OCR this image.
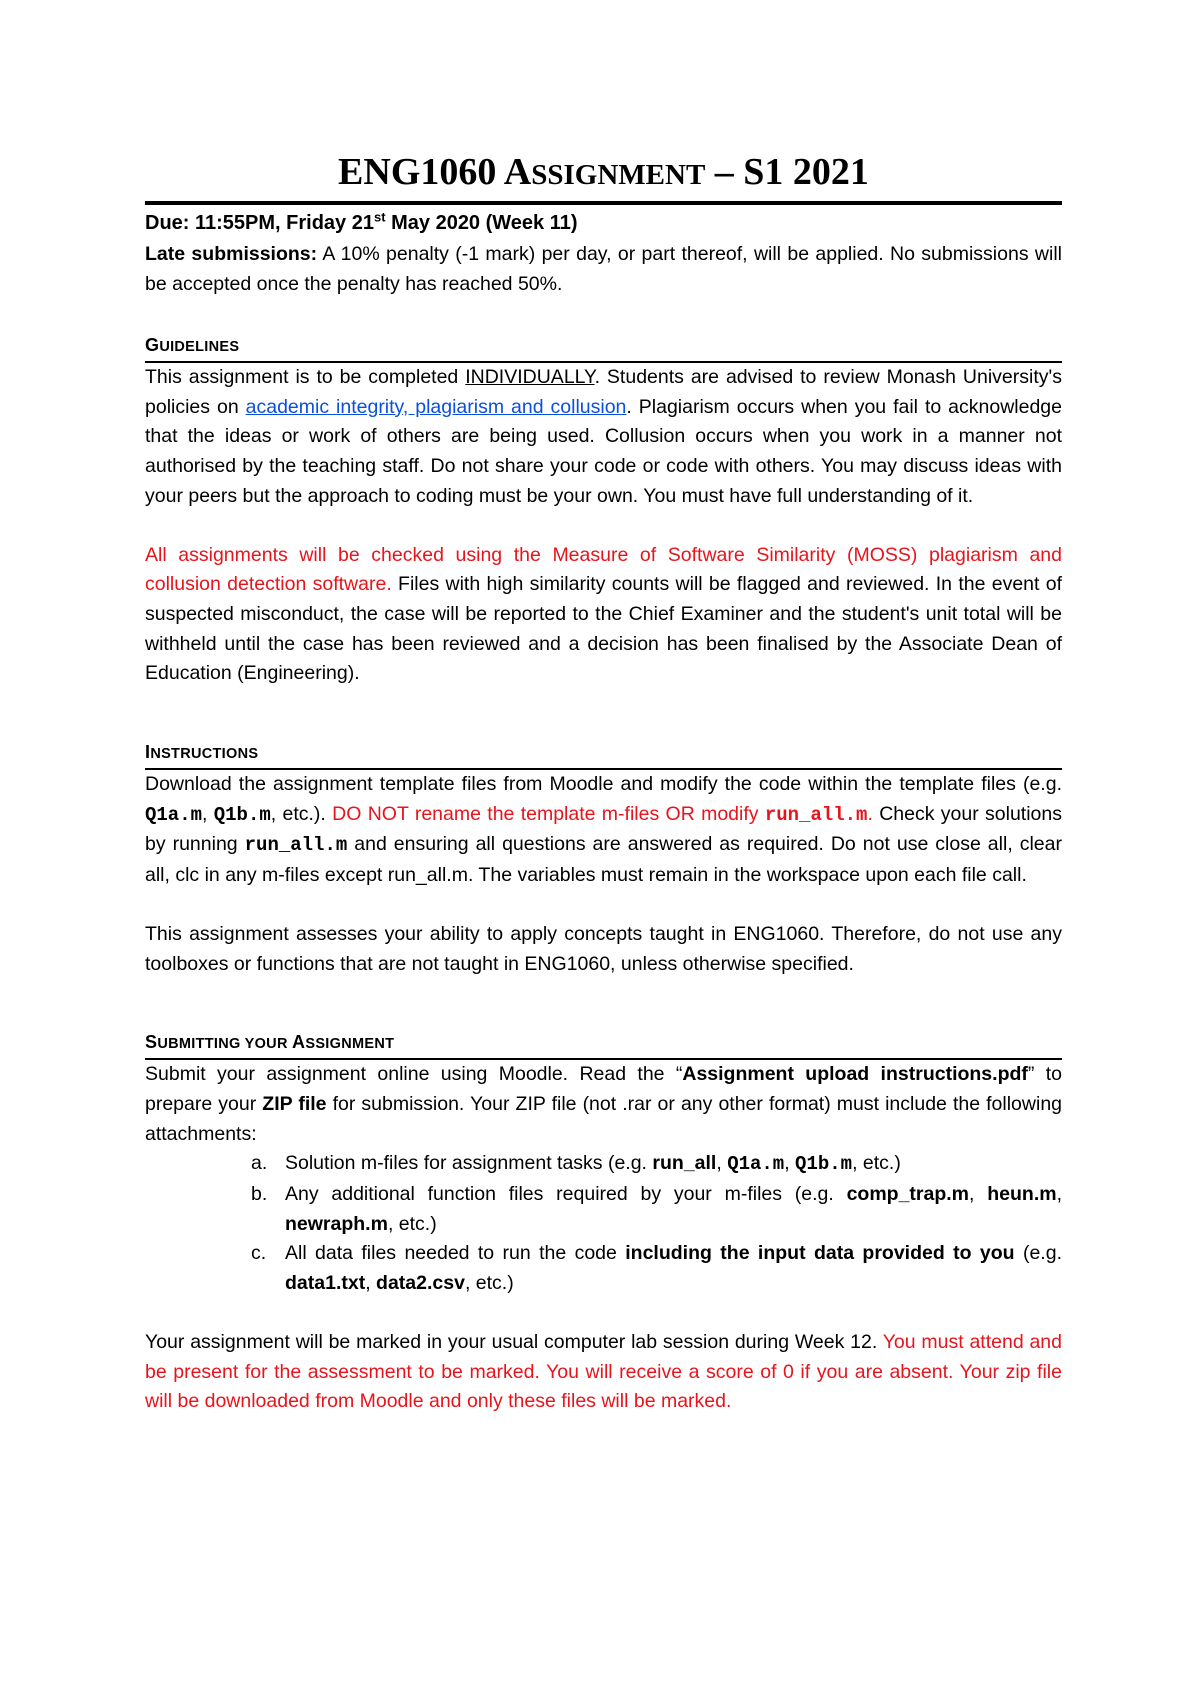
ENG1060 ASSIGNMENT – S1 2021
Due: 11:55PM, Friday 21st May 2020 (Week 11)

Late submissions: A 10% penalty (-1 mark) per day, or part thereof, will be applied. No submissions will be accepted once the penalty has reached 50%.

GUIDELINES

This assignment is to be completed INDIVIDUALLY. Students are advised to review Monash University's policies on academic integrity, plagiarism and collusion. Plagiarism occurs when you fail to acknowledge that the ideas or work of others are being used. Collusion occurs when you work in a manner not authorised by the teaching staff. Do not share your code or code with others. You may discuss ideas with your peers but the approach to coding must be your own. You must have full understanding of it.

All assignments will be checked using the Measure of Software Similarity (MOSS) plagiarism and collusion detection software. Files with high similarity counts will be flagged and reviewed. In the event of suspected misconduct, the case will be reported to the Chief Examiner and the student's unit total will be withheld until the case has been reviewed and a decision has been finalised by the Associate Dean of Education (Engineering).

INSTRUCTIONS

Download the assignment template files from Moodle and modify the code within the template files (e.g. Q1a.m, Q1b.m, etc.). DO NOT rename the template m-files OR modify run_all.m. Check your solutions by running run_all.m and ensuring all questions are answered as required. Do not use close all, clear all, clc in any m-files except run_all.m. The variables must remain in the workspace upon each file call.

This assignment assesses your ability to apply concepts taught in ENG1060. Therefore, do not use any toolboxes or functions that are not taught in ENG1060, unless otherwise specified.

SUBMITTING YOUR ASSIGNMENT

Submit your assignment online using Moodle. Read the “Assignment upload instructions.pdf” to prepare your ZIP file for submission. Your ZIP file (not .rar or any other format) must include the following attachments:

a. Solution m-files for assignment tasks (e.g. run_all, Q1a.m, Q1b.m, etc.)
b. Any additional function files required by your m-files (e.g. comp_trap.m, heun.m, newraph.m, etc.)
c. All data files needed to run the code including the input data provided to you (e.g. data1.txt, data2.csv, etc.)

Your assignment will be marked in your usual computer lab session during Week 12. You must attend and be present for the assessment to be marked. You will receive a score of 0 if you are absent. Your zip file will be downloaded from Moodle and only these files will be marked.
